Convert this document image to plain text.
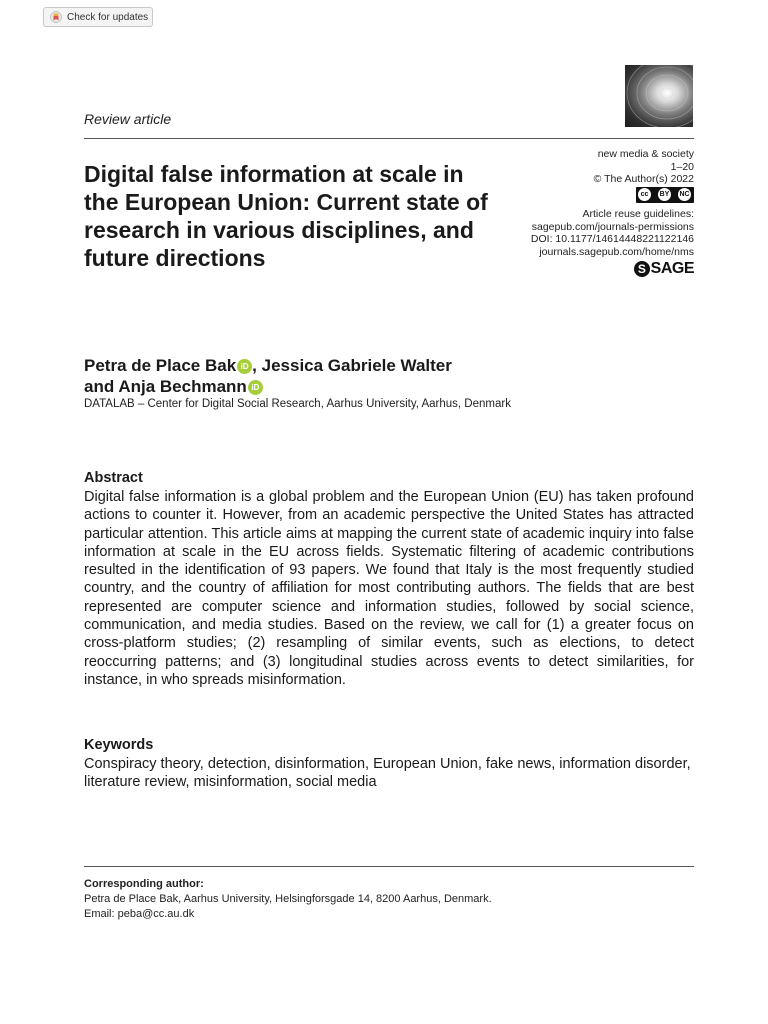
Check for updates
Review article
Digital false information at scale in the European Union: Current state of research in various disciplines, and future directions
new media & society
1–20
© The Author(s) 2022
cc	BY NC
Article reuse guidelines:
sagepub.com/journals-permissions
DOI: 10.1177/14614448221122146
journals.sagepub.com/home/nms
S SAGE
Petra de Place Bak iD , Jessica Gabriele Walter
and Anja Bechmann iD
DATALAB – Center for Digital Social Research, Aarhus University, Aarhus, Denmark
Abstract
Digital false information is a global problem and the European Union (EU) has taken profound actions to counter it. However, from an academic perspective the United States has attracted particular attention. This article aims at mapping the current state of academic inquiry into false information at scale in the EU across fields. Systematic filtering of academic contributions resulted in the identification of 93 papers. We found that Italy is the most frequently studied country, and the country of affiliation for most contributing authors. The fields that are best represented are computer science and information studies, followed by social science, communication, and media studies. Based on the review, we call for (1) a greater focus on cross-platform studies; (2) resampling of similar events, such as elections, to detect reoccurring patterns; and (3) longitudinal studies across events to detect similarities, for instance, in who spreads misinformation.
Keywords
Conspiracy theory, detection, disinformation, European Union, fake news, information disorder, literature review, misinformation, social media
Corresponding author:
Petra de Place Bak, Aarhus University, Helsingforsgade 14, 8200 Aarhus, Denmark.
Email: peba@cc.au.dk
